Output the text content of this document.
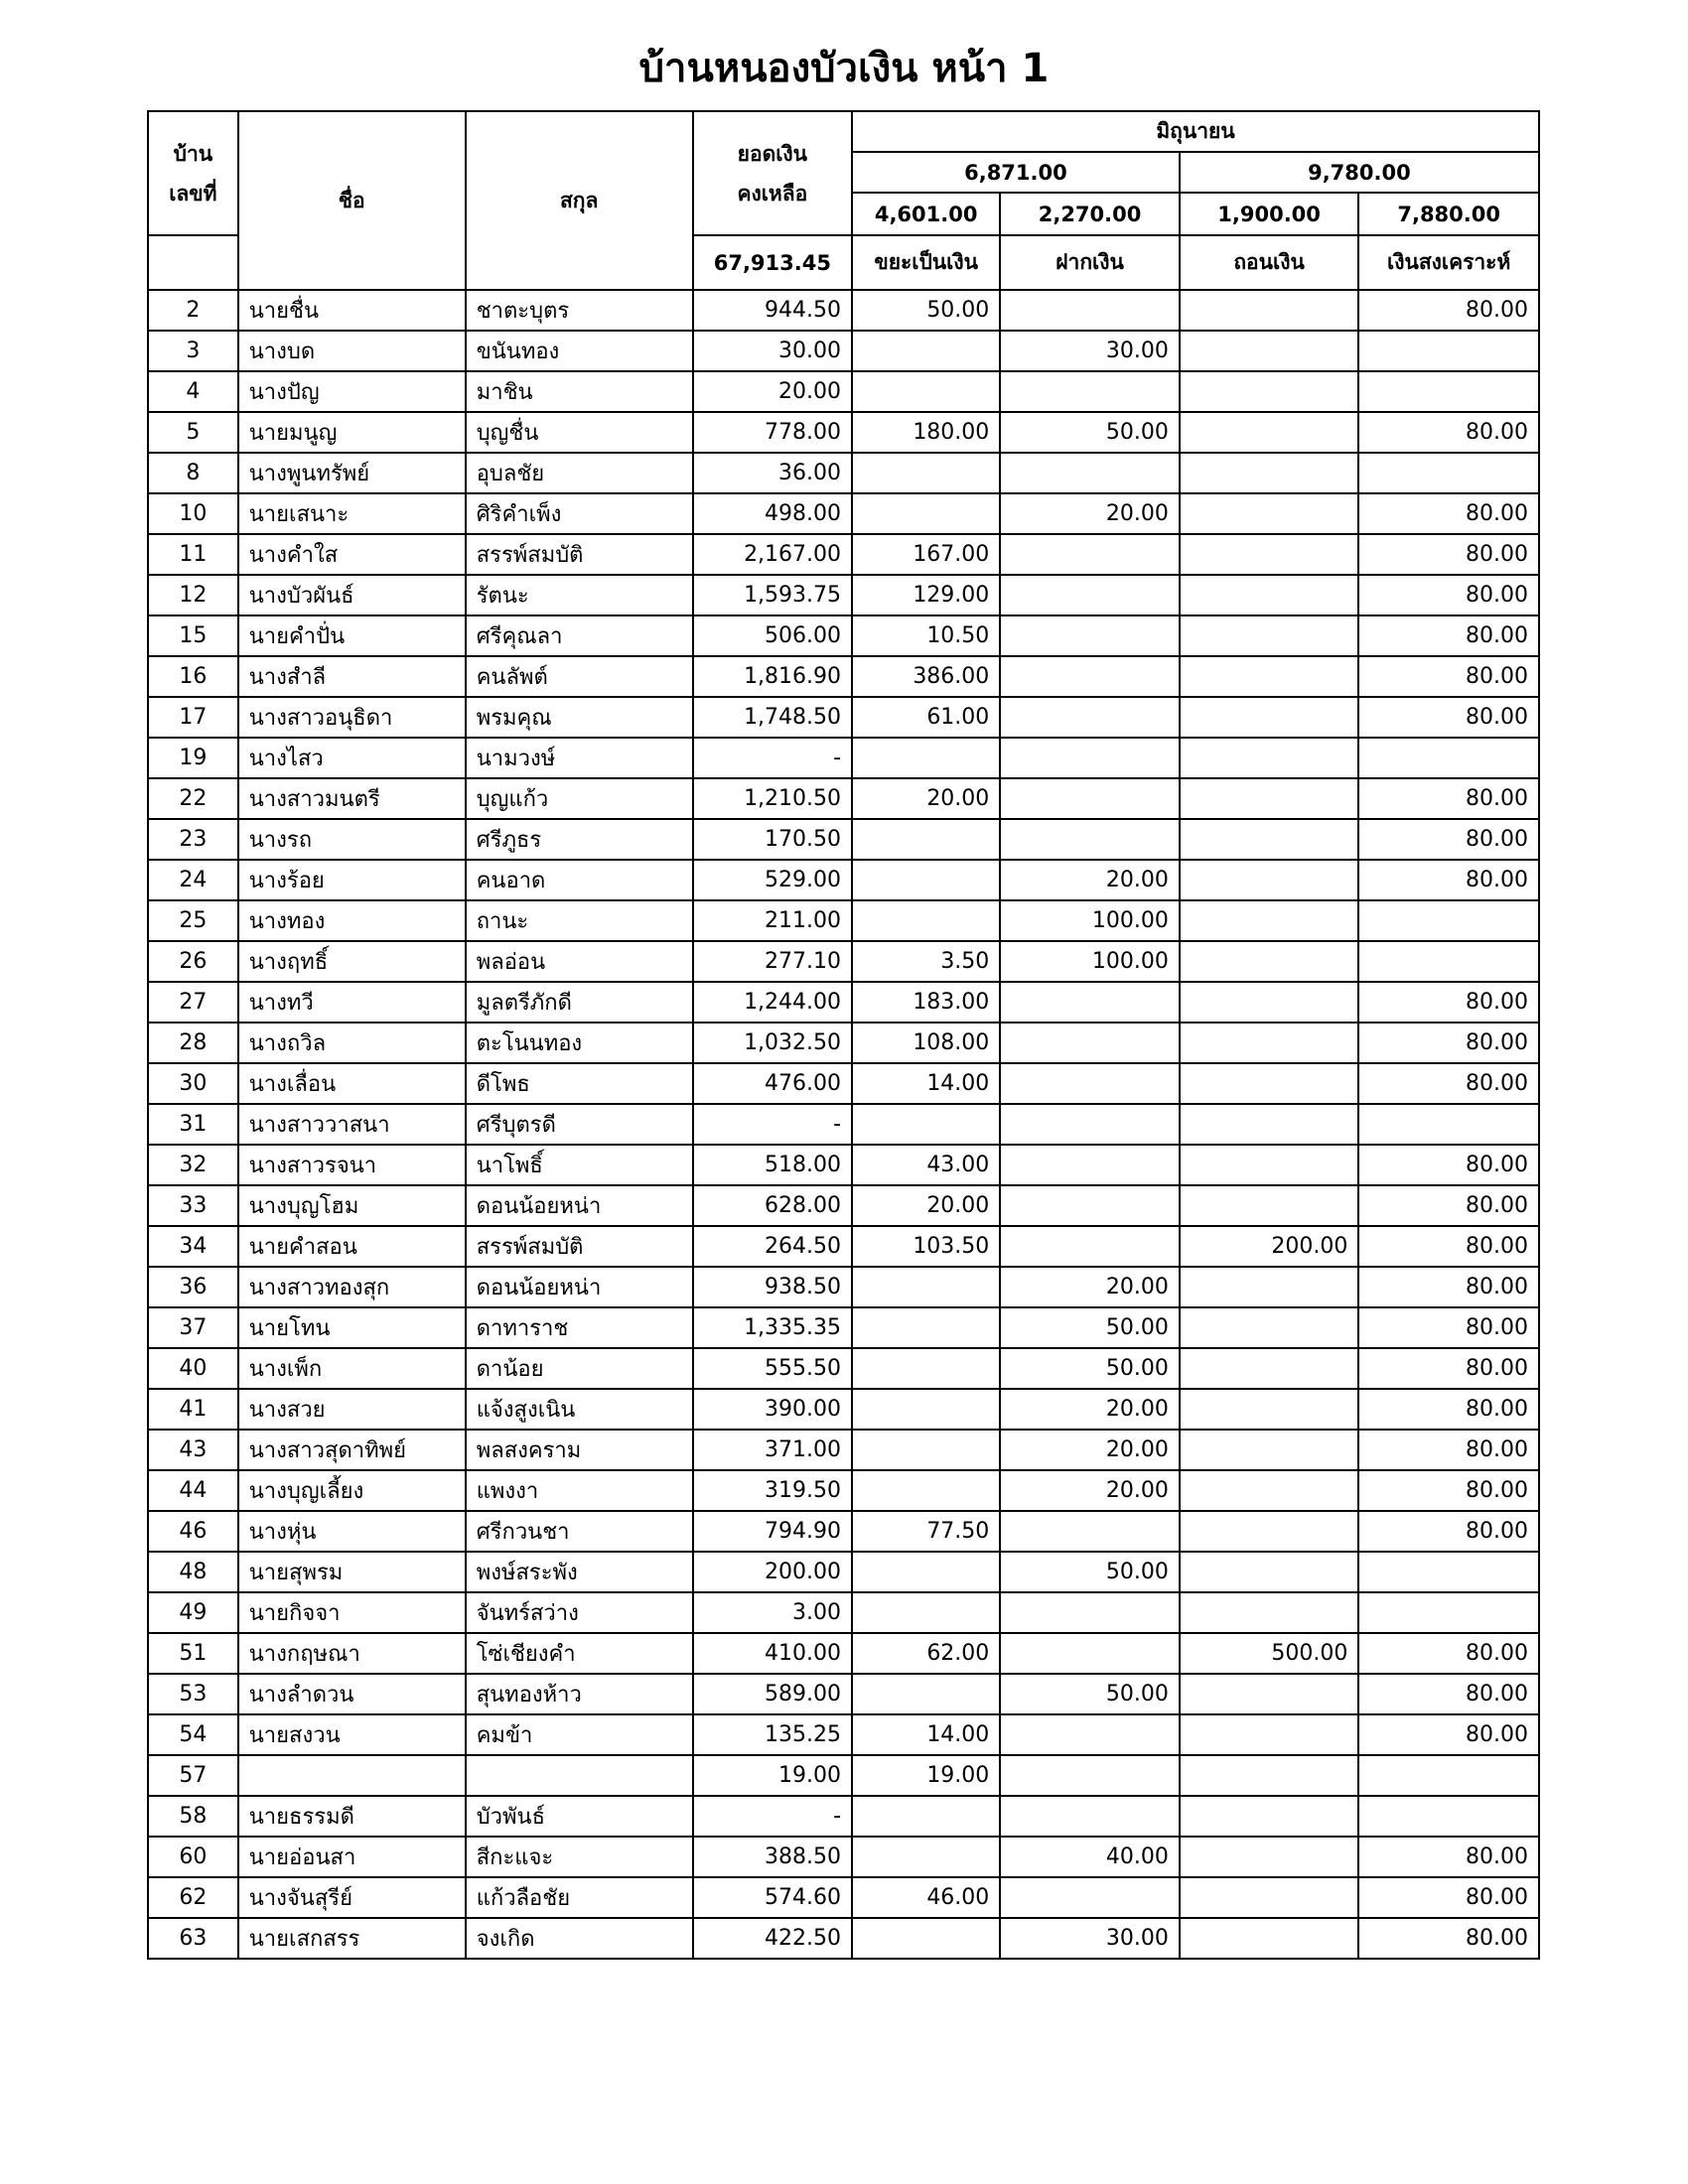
บ้านหนองบัวเงิน หน้า 1
บ้าน
เลขที่	ชื่อ	สกุล	ยอดเงิน
คงเหลือ	มิถุนายน			
				6,871.00		9,780.00	
				4,601.00	2,270.00	1,900.00	7,880.00
			67,913.45	ขยะเป็นเงิน	ฝากเงิน	ถอนเงิน	เงินสงเคราะห์
2	นายชื่น	ชาตะบุตร	944.50	50.00			80.00
3	นางบด	ขนันทอง	30.00		30.00		
4	นางปัญ	มาชิน	20.00				
5	นายมนูญ	บุญชื่น	778.00	180.00	50.00		80.00
8	นางพูนทรัพย์	อุบลชัย	36.00				
10	นายเสนาะ	ศิริคำเพ็ง	498.00		20.00		80.00
11	นางคำใส	สรรพ์สมบัติ	2,167.00	167.00			80.00
12	นางบัวผันธ์	รัตนะ	1,593.75	129.00			80.00
15	นายคำปั่น	ศรีคุณลา	506.00	10.50			80.00
16	นางสำลี	คนลัพต์	1,816.90	386.00			80.00
17	นางสาวอนุธิดา	พรมคุณ	1,748.50	61.00			80.00
19	นางไสว	นามวงษ์	-				
22	นางสาวมนตรี	บุญแก้ว	1,210.50	20.00			80.00
23	นางรถ	ศรีภูธร	170.50				80.00
24	นางร้อย	คนอาด	529.00		20.00		80.00
25	นางทอง	ถานะ	211.00		100.00		
26	นางฤทธิ์	พลอ่อน	277.10	3.50	100.00		
27	นางทวี	มูลตรีภักดี	1,244.00	183.00			80.00
28	นางถวิล	ตะโนนทอง	1,032.50	108.00			80.00
30	นางเลื่อน	ดีโพธ	476.00	14.00			80.00
31	นางสาววาสนา	ศรีบุตรดี	-				
32	นางสาวรจนา	นาโพธิ์	518.00	43.00			80.00
33	นางบุญโฮม	ดอนน้อยหน่า	628.00	20.00			80.00
34	นายคำสอน	สรรพ์สมบัติ	264.50	103.50		200.00	80.00
36	นางสาวทองสุก	ดอนน้อยหน่า	938.50		20.00		80.00
37	นายโทน	ดาทาราช	1,335.35		50.00		80.00
40	นางเพ็ก	ดาน้อย	555.50		50.00		80.00
41	นางสวย	แจ้งสูงเนิน	390.00		20.00		80.00
43	นางสาวสุดาทิพย์	พลสงคราม	371.00		20.00		80.00
44	นางบุญเลี้ยง	แพงงา	319.50		20.00		80.00
46	นางหุ่น	ศรีกวนชา	794.90	77.50			80.00
48	นายสุพรม	พงษ์สระพัง	200.00		50.00		
49	นายกิจจา	จันทร์สว่าง	3.00				
51	นางกฤษณา	โซ่เชียงคำ	410.00	62.00		500.00	80.00
53	นางลำดวน	สุนทองห้าว	589.00		50.00		80.00
54	นายสงวน	คมข้า	135.25	14.00			80.00
57			19.00	19.00			
58	นายธรรมดี	บัวพันธ์	-				
60	นายอ่อนสา	สีกะแจะ	388.50		40.00		80.00
62	นางจันสุรีย์	แก้วลือชัย	574.60	46.00			80.00
63	นายเสกสรร	จงเกิด	422.50		30.00		80.00
